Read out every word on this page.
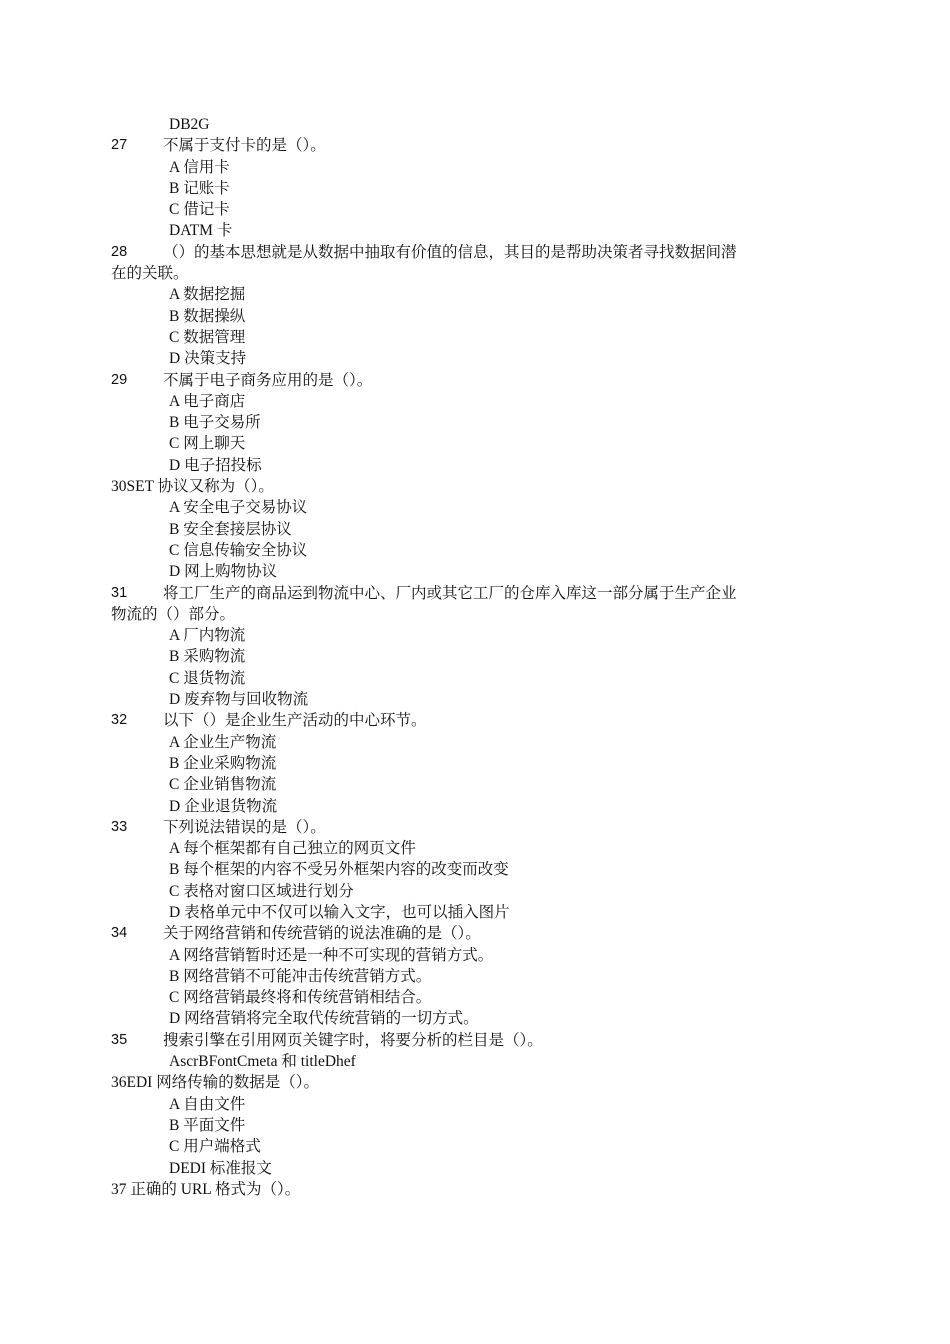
DB2G
27	不属于支付卡的是（）。
A 信用卡
B 记账卡
C 借记卡
DATM 卡
28	（）的基本思想就是从数据中抽取有价值的信息，其目的是帮助决策者寻找数据间潜
在的关联。
A 数据挖掘
B 数据操纵
C 数据管理
D 决策支持
29	不属于电子商务应用的是（）。
A 电子商店
B 电子交易所
C 网上聊天
D 电子招投标
30SET 协议又称为（）。
A 安全电子交易协议
B 安全套接层协议
C 信息传输安全协议
D 网上购物协议
31	将工厂生产的商品运到物流中心、厂内或其它工厂的仓库入库这一部分属于生产企业
物流的（）部分。
A 厂内物流
B 采购物流
C 退货物流
D 废弃物与回收物流
32	以下（）是企业生产活动的中心环节。
A 企业生产物流
B 企业采购物流
C 企业销售物流
D 企业退货物流
33	下列说法错误的是（）。
A 每个框架都有自己独立的网页文件
B 每个框架的内容不受另外框架内容的改变而改变
C 表格对窗口区域进行划分
D 表格单元中不仅可以输入文字，也可以插入图片
34	关于网络营销和传统营销的说法准确的是（）。
A 网络营销暂时还是一种不可实现的营销方式。
B 网络营销不可能冲击传统营销方式。
C 网络营销最终将和传统营销相结合。
D 网络营销将完全取代传统营销的一切方式。
35	搜索引擎在引用网页关键字时，将要分析的栏目是（）。
AscrBFontCmeta 和 titleDhef
36EDI 网络传输的数据是（）。
A 自由文件
B 平面文件
C 用户端格式
DEDI 标准报文
37 正确的 URL 格式为（）。
